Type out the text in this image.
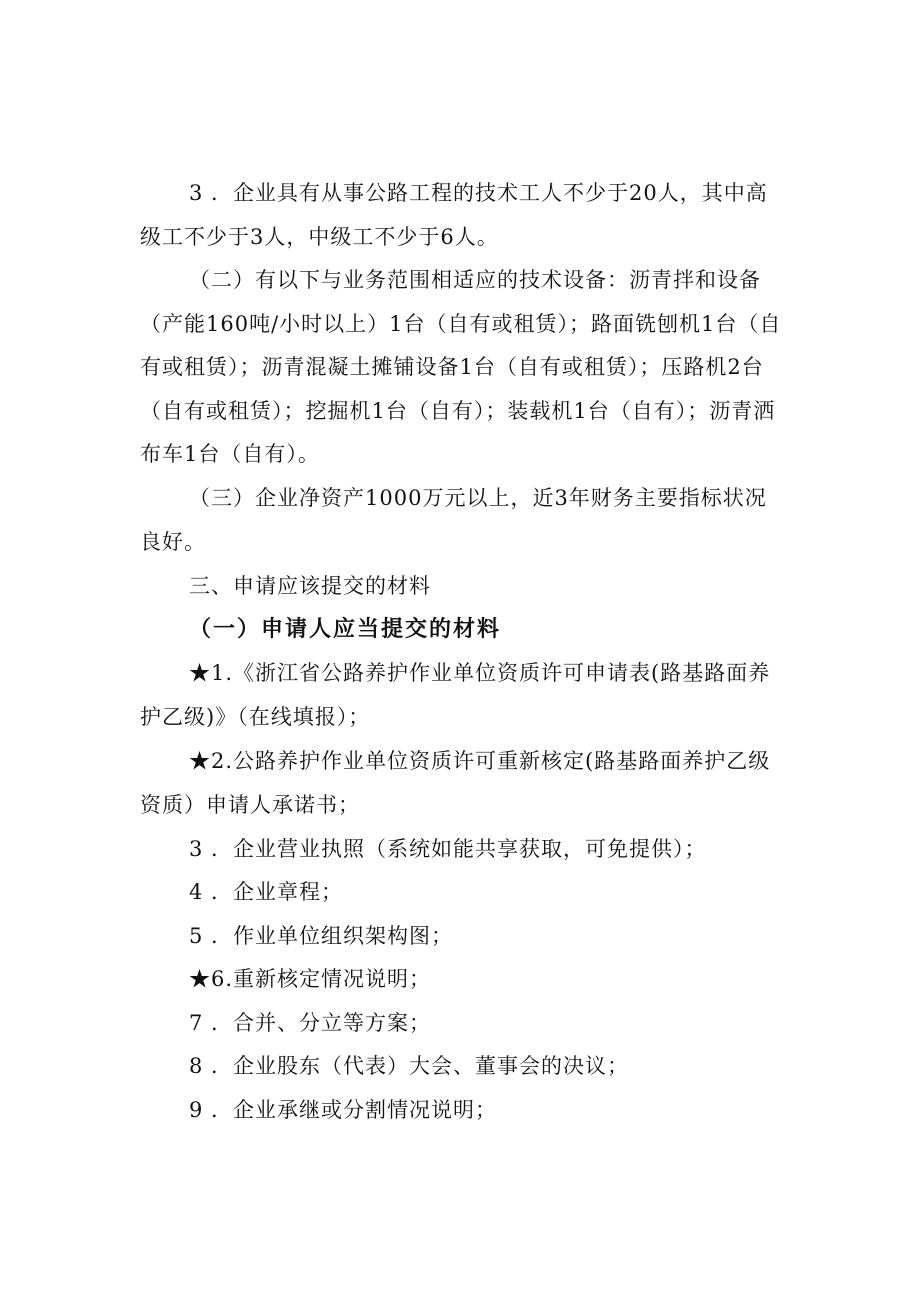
3 ．企业具有从事公路工程的技术工人不少于20人，其中高级工不少于3人，中级工不少于6人。

（二）有以下与业务范围相适应的技术设备：沥青拌和设备（产能160吨/小时以上）1台（自有或租赁）；路面铣刨机1台（自有或租赁）；沥青混凝土摊铺设备1台（自有或租赁）；压路机2台（自有或租赁）；挖掘机1台（自有）；装载机1台（自有）；沥青洒布车1台（自有）。

（三）企业净资产1000万元以上，近3年财务主要指标状况良好。

三、申请应该提交的材料

（一）申请人应当提交的材料

★1.《浙江省公路养护作业单位资质许可申请表(路基路面养护乙级)》（在线填报）；

★2.公路养护作业单位资质许可重新核定(路基路面养护乙级资质）申请人承诺书；

3 ．企业营业执照（系统如能共享获取，可免提供）；

4 ．企业章程；

5 ．作业单位组织架构图；

★6.重新核定情况说明；

7 ．合并、分立等方案；

8 ．企业股东（代表）大会、董事会的决议；

9 ．企业承继或分割情况说明；
